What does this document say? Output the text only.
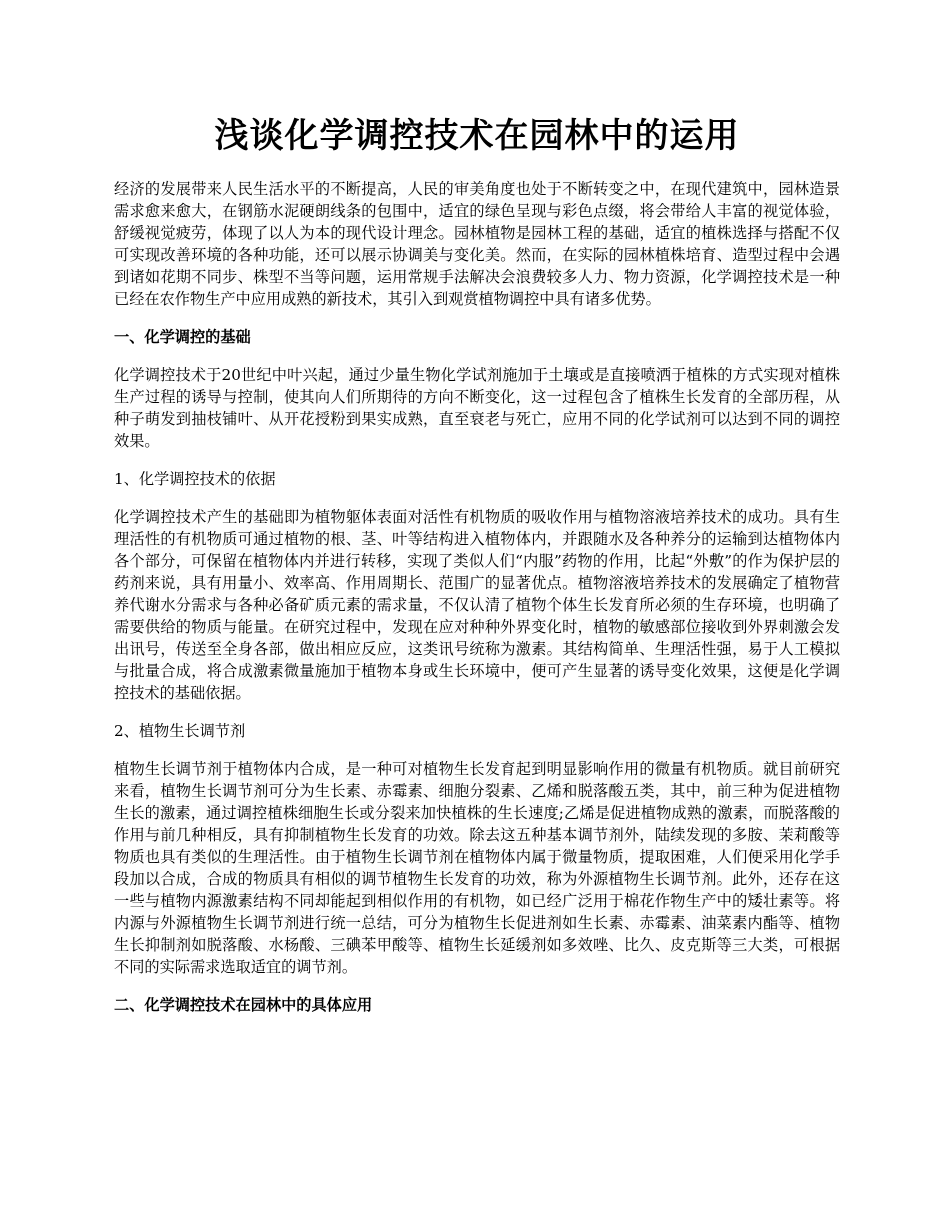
浅谈化学调控技术在园林中的运用

经济的发展带来人民生活水平的不断提高，人民的审美角度也处于不断转变之中，在现代建筑中，园林造景需求愈来愈大，在钢筋水泥硬朗线条的包围中，适宜的绿色呈现与彩色点缀，将会带给人丰富的视觉体验，舒缓视觉疲劳，体现了以人为本的现代设计理念。园林植物是园林工程的基础，适宜的植株选择与搭配不仅可实现改善环境的各种功能，还可以展示协调美与变化美。然而，在实际的园林植株培育、造型过程中会遇到诸如花期不同步、株型不当等问题，运用常规手法解决会浪费较多人力、物力资源，化学调控技术是一种已经在农作物生产中应用成熟的新技术，其引入到观赏植物调控中具有诸多优势。

一、化学调控的基础

化学调控技术于20世纪中叶兴起，通过少量生物化学试剂施加于土壤或是直接喷洒于植株的方式实现对植株生产过程的诱导与控制，使其向人们所期待的方向不断变化，这一过程包含了植株生长发育的全部历程，从种子萌发到抽枝铺叶、从开花授粉到果实成熟，直至衰老与死亡，应用不同的化学试剂可以达到不同的调控效果。

1、化学调控技术的依据

化学调控技术产生的基础即为植物躯体表面对活性有机物质的吸收作用与植物溶液培养技术的成功。具有生理活性的有机物质可通过植物的根、茎、叶等结构进入植物体内，并跟随水及各种养分的运输到达植物体内各个部分，可保留在植物体内并进行转移，实现了类似人们“内服”药物的作用，比起“外敷”的作为保护层的药剂来说，具有用量小、效率高、作用周期长、范围广的显著优点。植物溶液培养技术的发展确定了植物营养代谢水分需求与各种必备矿质元素的需求量，不仅认清了植物个体生长发育所必须的生存环境，也明确了需要供给的物质与能量。在研究过程中，发现在应对种种外界变化时，植物的敏感部位接收到外界刺激会发出讯号，传送至全身各部，做出相应反应，这类讯号统称为激素。其结构简单、生理活性强，易于人工模拟与批量合成，将合成激素微量施加于植物本身或生长环境中，便可产生显著的诱导变化效果，这便是化学调控技术的基础依据。

2、植物生长调节剂

植物生长调节剂于植物体内合成，是一种可对植物生长发育起到明显影响作用的微量有机物质。就目前研究来看，植物生长调节剂可分为生长素、赤霉素、细胞分裂素、乙烯和脱落酸五类，其中，前三种为促进植物生长的激素，通过调控植株细胞生长或分裂来加快植株的生长速度;乙烯是促进植物成熟的激素，而脱落酸的作用与前几种相反，具有抑制植物生长发育的功效。除去这五种基本调节剂外，陆续发现的多胺、茉莉酸等物质也具有类似的生理活性。由于植物生长调节剂在植物体内属于微量物质，提取困难，人们便采用化学手段加以合成，合成的物质具有相似的调节植物生长发育的功效，称为外源植物生长调节剂。此外，还存在这一些与植物内源激素结构不同却能起到相似作用的有机物，如已经广泛用于棉花作物生产中的矮壮素等。将内源与外源植物生长调节剂进行统一总结，可分为植物生长促进剂如生长素、赤霉素、油菜素内酯等、植物生长抑制剂如脱落酸、水杨酸、三碘苯甲酸等、植物生长延缓剂如多效唑、比久、皮克斯等三大类，可根据不同的实际需求选取适宜的调节剂。

二、化学调控技术在园林中的具体应用
